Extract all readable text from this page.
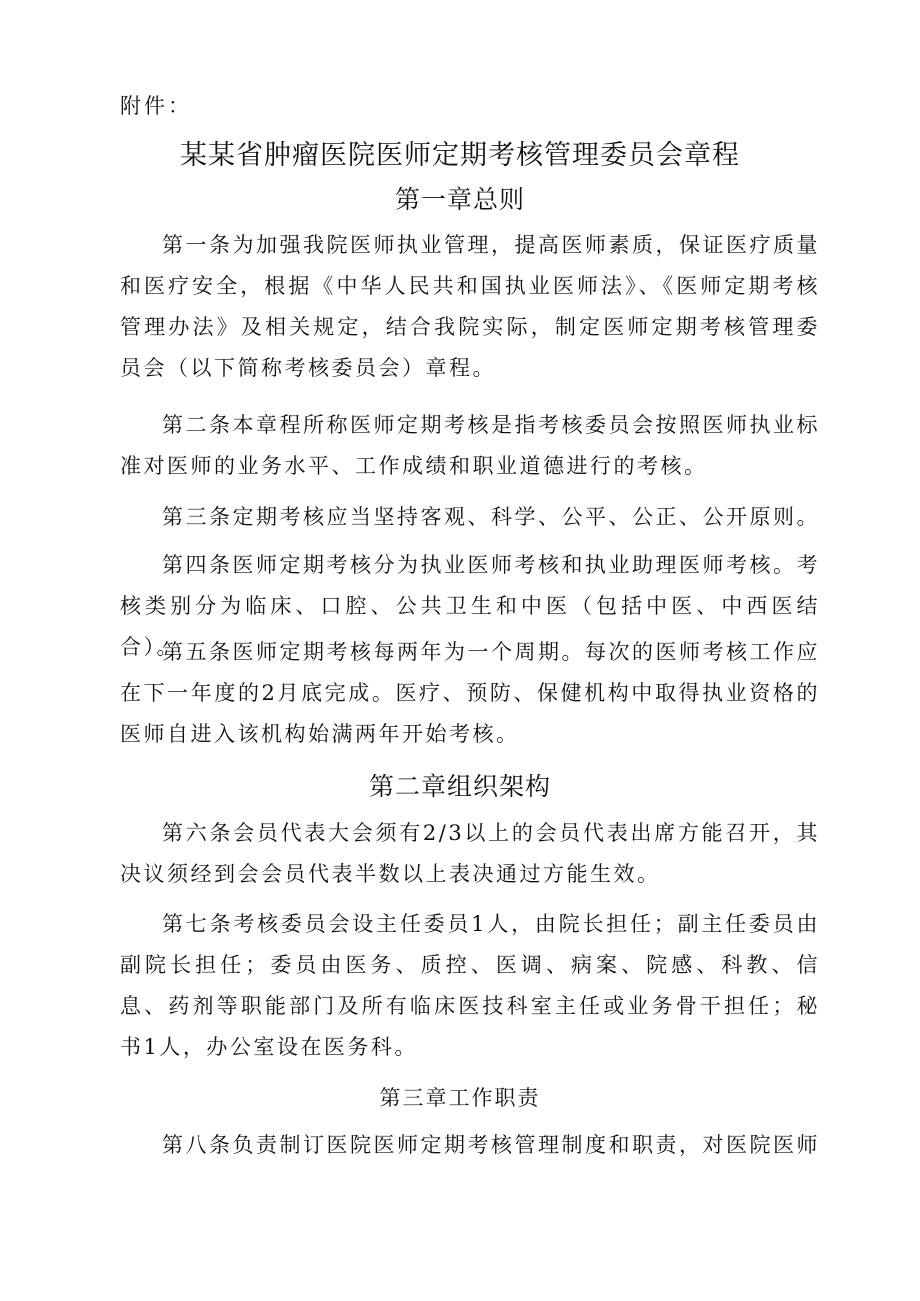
附件：
某某省肿瘤医院医师定期考核管理委员会章程
第一章总则
第一条为加强我院医师执业管理，提高医师素质，保证医疗质量和医疗安全，根据《中华人民共和国执业医师法》、《医师定期考核管理办法》及相关规定，结合我院实际，制定医师定期考核管理委员会（以下简称考核委员会）章程。
第二条本章程所称医师定期考核是指考核委员会按照医师执业标准对医师的业务水平、工作成绩和职业道德进行的考核。
第三条定期考核应当坚持客观、科学、公平、公正、公开原则。
第四条医师定期考核分为执业医师考核和执业助理医师考核。考核类别分为临床、口腔、公共卫生和中医（包括中医、中西医结合）。
第五条医师定期考核每两年为一个周期。每次的医师考核工作应在下一年度的2月底完成。医疗、预防、保健机构中取得执业资格的医师自进入该机构始满两年开始考核。
第二章组织架构
第六条会员代表大会须有2/3以上的会员代表出席方能召开，其决议须经到会会员代表半数以上表决通过方能生效。
第七条考核委员会设主任委员1人，由院长担任；副主任委员由副院长担任；委员由医务、质控、医调、病案、院感、科教、信息、药剂等职能部门及所有临床医技科室主任或业务骨干担任；秘书1人，办公室设在医务科。
第三章工作职责
第八条负责制订医院医师定期考核管理制度和职责，对医院医师
